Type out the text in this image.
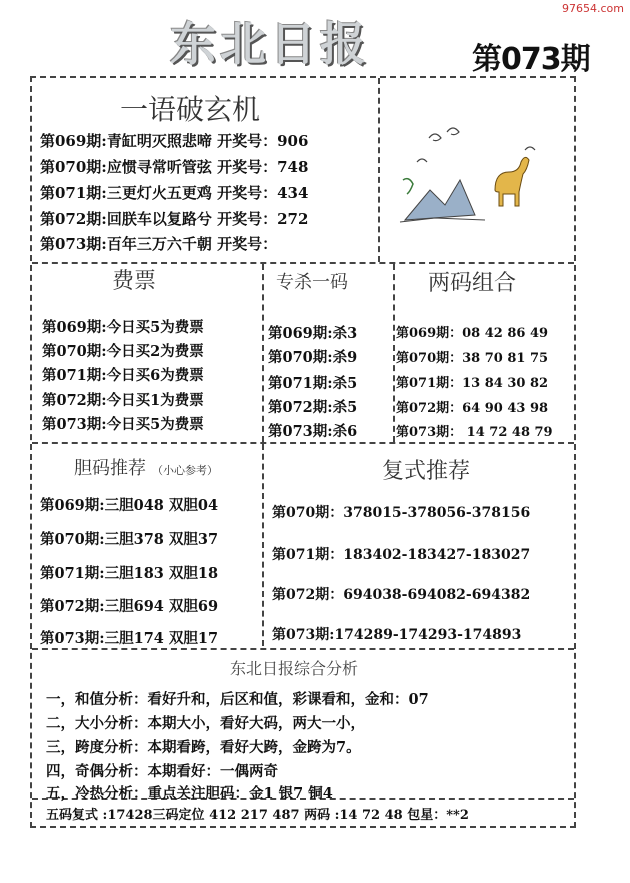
97654.com
东北日报	第073期
一语破玄机
第069期:青缸明灭照悲啼 开奖号：906
第070期:应惯寻常听管弦 开奖号：748
第071期:三更灯火五更鸡 开奖号：434
第072期:回朕车以复路兮 开奖号：272
第073期:百年三万六千朝 开奖号：
费票
第069期:今日买5为费票
第070期:今日买2为费票
第071期:今日买6为费票
第072期:今日买1为费票
第073期:今日买5为费票
专杀一码
第069期:杀3
第070期:杀9
第071期:杀5
第072期:杀5
第073期:杀6
两码组合
第069期：08 42 86 49
第070期：38 70 81 75
第071期：13 84 30 82
第072期：64 90 43 98
第073期： 14 72 48 79
胆码推荐 （小心参考）
第069期:三胆048 双胆04
第070期:三胆378 双胆37
第071期:三胆183 双胆18
第072期:三胆694 双胆69
第073期:三胆174 双胆17
复式推荐
第070期：378015-378056-378156
第071期：183402-183427-183027
第072期：694038-694082-694382
第073期:174289-174293-174893
东北日报综合分析
一，和值分析：看好升和，后区和值，彩课看和，金和：07
二，大小分析：本期大小，看好大码，两大一小，
三，跨度分析：本期看跨，看好大跨，金跨为7。
四，奇偶分析：本期看好：一偶两奇
五，冷热分析：重点关注胆码：金1 银7 铜4
五码复式 :17428三码定位 412 217 487 两码 :14 72 48 包星：**2
